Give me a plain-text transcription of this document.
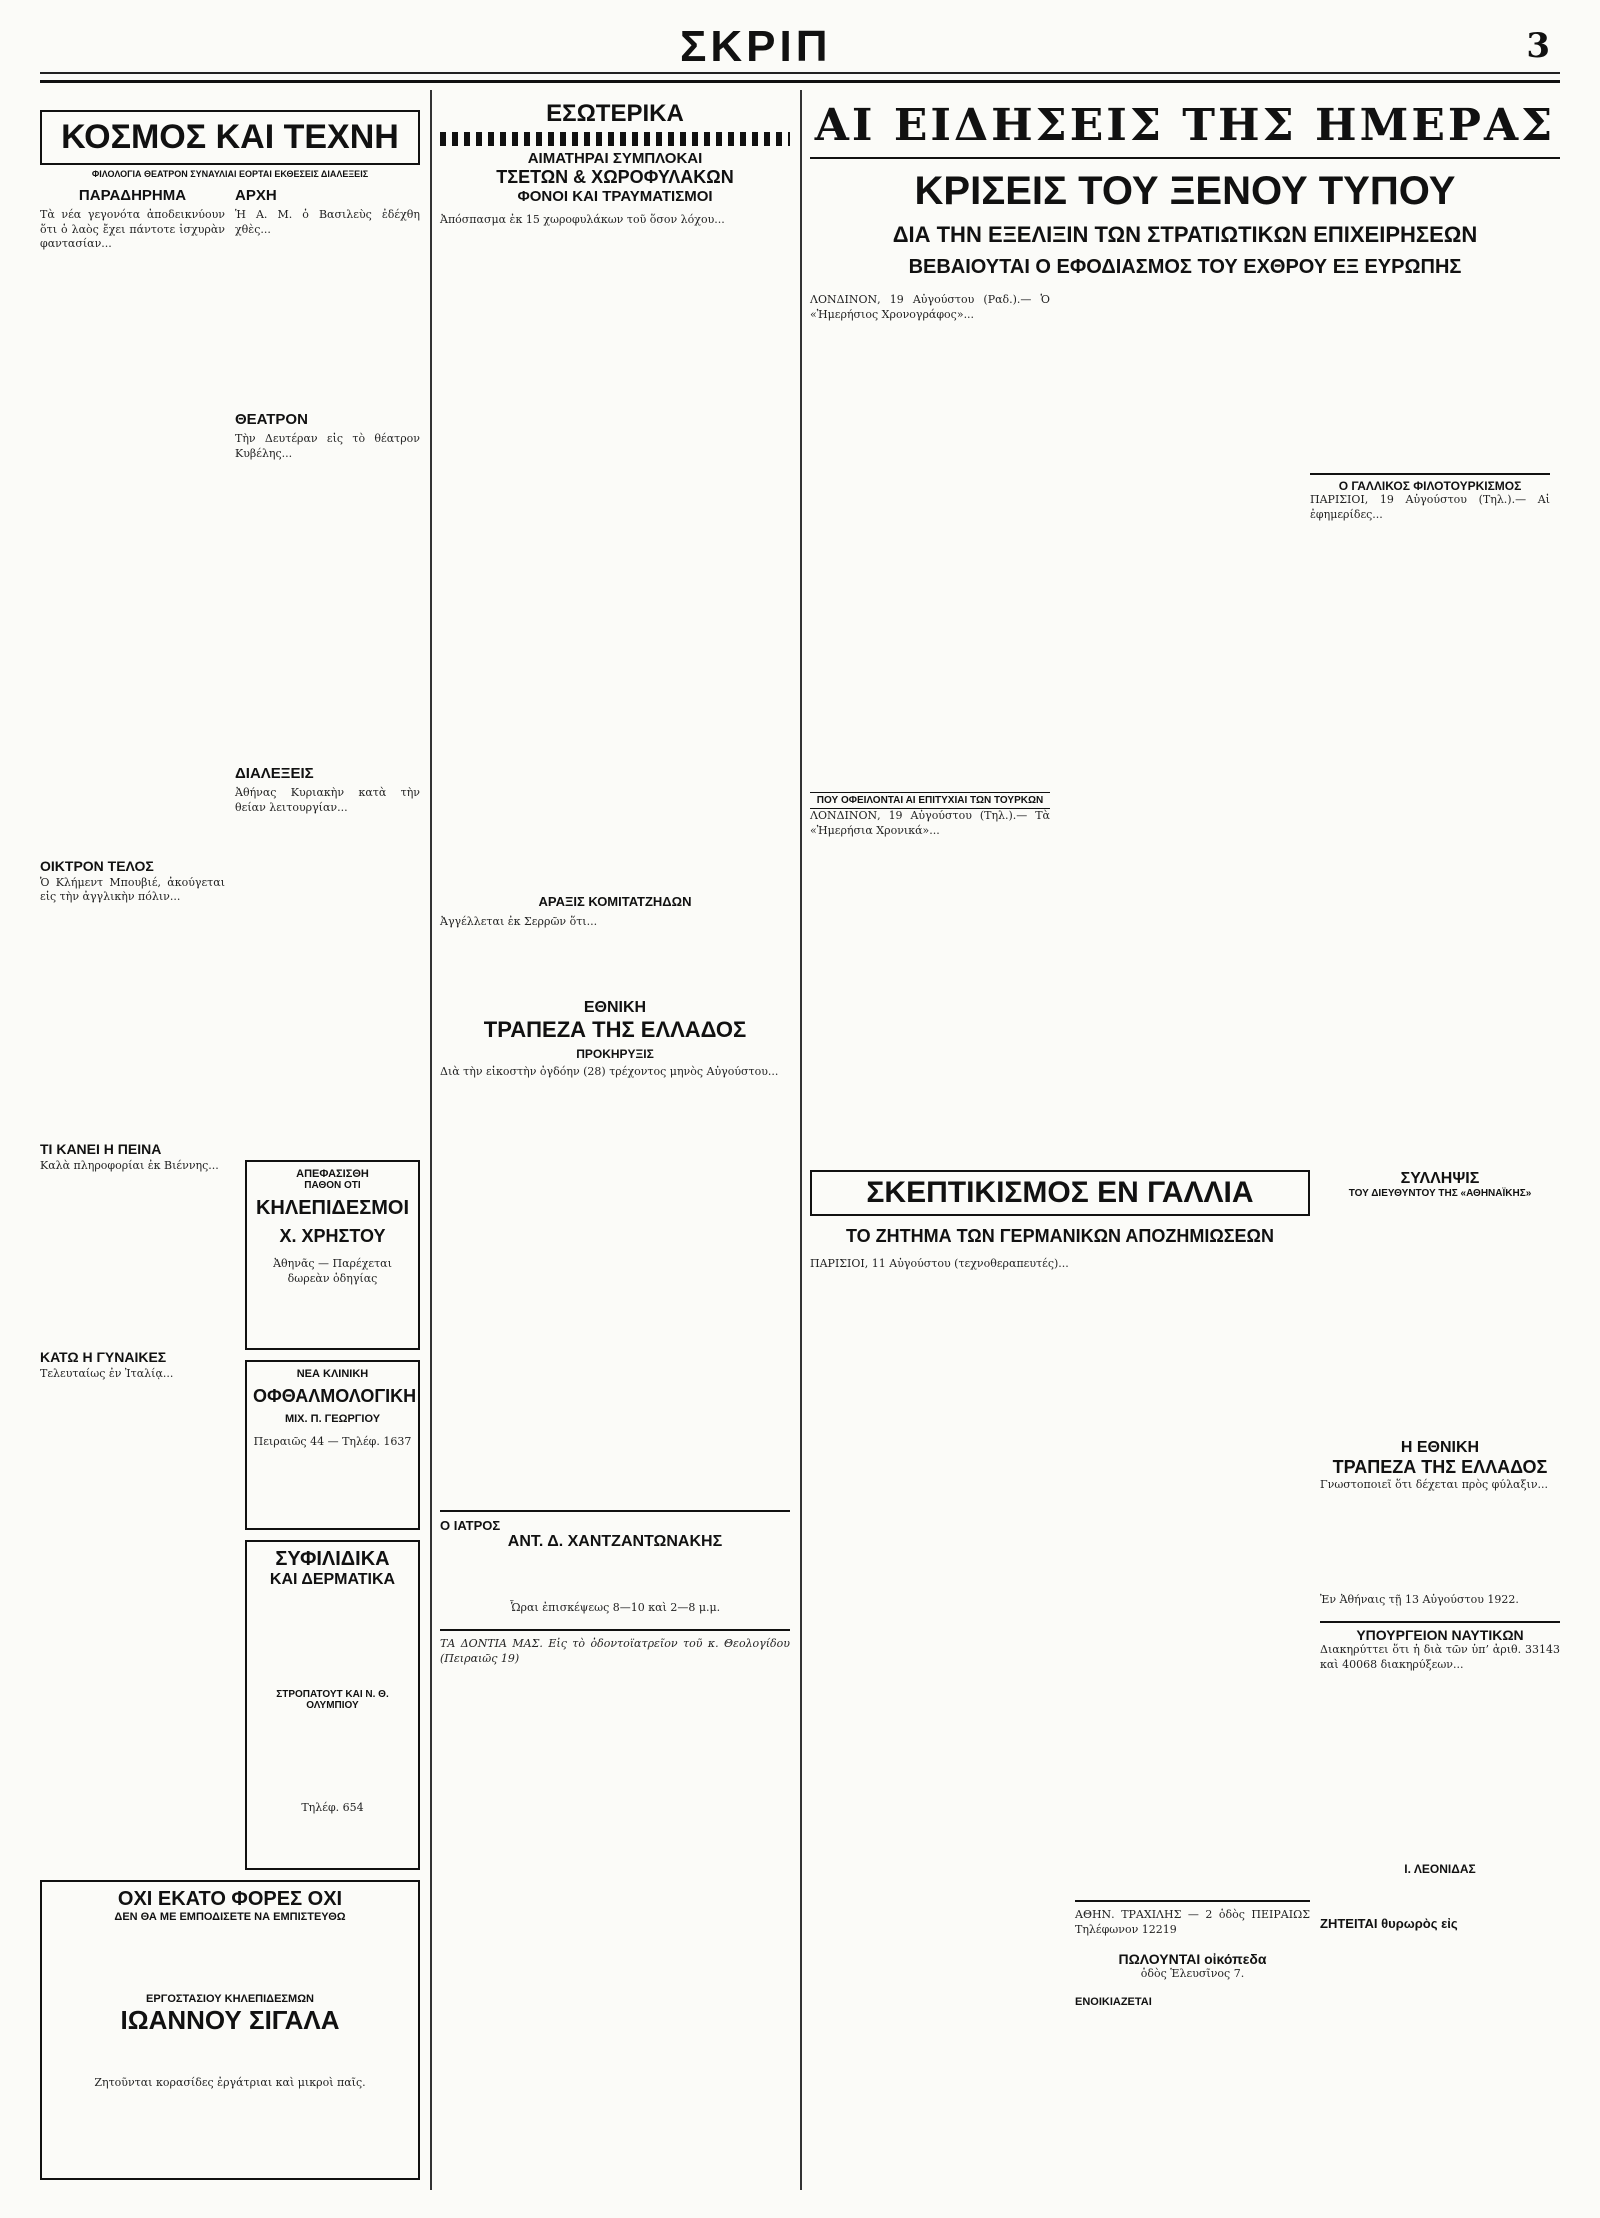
ΣΚΡΙΠ	3
ΚΟΣΜΟΣ ΚΑΙ ΤΕΧΝΗ
ΦΙΛΟΛΟΓΙΑ ΘΕΑΤΡΟΝ ΣΥΝΑΥΛΙΑΙ ΕΟΡΤΑΙ ΕΚΘΕΣΕΙΣ ΔΙΑΛΕΞΕΙΣ
ΠΑΡΑΔΗΡΗΜΑ

Τὰ νέα γεγονότα ἀποδεικνύουν ὅτι ὁ λαὸς ἔχει πάντοτε ἰσχυρὰν φαντασίαν...

ΟΙΚΤΡΟΝ ΤΕΛΟΣ

Ὁ Κλήμεντ Μπουβιέ, ἀκούγεται εἰς τὴν ἀγγλικὴν πόλιν...

ΤΙ ΚΑΝΕΙ Η ΠΕΙΝΑ

Καλὰ πληροφορίαι ἐκ Βιέννης...

ΚΑΤΩ Η ΓΥΝΑΙΚΕΣ

Τελευταίως ἐν Ἰταλίᾳ...

ΑΡΧΗ

Ἡ Α. Μ. ὁ Βασιλεὺς ἐδέχθη χθὲς...

ΘΕΑΤΡΟΝ

Τὴν Δευτέραν εἰς τὸ θέατρον Κυβέλης...

ΔΙΑΛΕΞΕΙΣ

Ἀθήνας Κυριακὴν κατὰ τὴν θείαν λειτουργίαν...

ΑΠΕΦΑΣΙΣΘΗ
ΠΑΘΟΝ ΟΤΙ
ΚΗΛΕΠΙΔΕΣΜΟΙ
Χ. ΧΡΗΣΤΟΥ
Ἀθηνᾶς — Παρέχεται δωρεὰν ὁδηγίας
ΝΕΑ ΚΛΙΝΙΚΗ
ΟΦΘΑΛΜΟΛΟΓΙΚΗ
ΜΙΧ. Π. ΓΕΩΡΓΙΟΥ
Πειραιῶς 44 — Τηλέφ. 1637
ΣΥΦΙΛΙΔΙΚΑ
ΚΑΙ ΔΕΡΜΑΤΙΚΑ
ΣΤΡΟΠΑΤΟΥΤ ΚΑΙ Ν. Θ. ΟΛΥΜΠΙΟΥ
Τηλέφ. 654
ΟΧΙ ΕΚΑΤΟ ΦΟΡΕΣ ΟΧΙ
ΔΕΝ ΘΑ ΜΕ ΕΜΠΟΔΙΣΕΤΕ ΝΑ ΕΜΠΙΣΤΕΥΘΩ
ΕΡΓΟΣΤΑΣΙΟΥ ΚΗΛΕΠΙΔΕΣΜΩΝ
ΙΩΑΝΝΟΥ ΣΙΓΑΛΑ
Ζητοῦνται κορασίδες ἐργάτριαι καὶ μικροὶ παῖς.
ΕΣΩΤΕΡΙΚΑ
ΑΙΜΑΤΗΡΑΙ ΣΥΜΠΛΟΚΑΙ
ΤΣΕΤΩΝ & ΧΩΡΟΦΥΛΑΚΩΝ
ΦΟΝΟΙ ΚΑΙ ΤΡΑΥΜΑΤΙΣΜΟΙ

Ἀπόσπασμα ἐκ 15 χωροφυλάκων τοῦ ὅσον λόχου...

ΑΡΑΞΙΣ ΚΟΜΙΤΑΤΖΗΔΩΝ

Ἀγγέλλεται ἐκ Σερρῶν ὅτι...

ΕΘΝΙΚΗ
ΤΡΑΠΕΖΑ ΤΗΣ ΕΛΛΑΔΟΣ
ΠΡΟΚΗΡΥΞΙΣ

Διὰ τὴν εἰκοστὴν ὀγδόην (28) τρέχοντος μηνὸς Αὐγούστου...

Ο ΙΑΤΡΟΣ
ΑΝΤ. Δ. ΧΑΝΤΖΑΝΤΩΝΑΚΗΣ

Ὧραι ἐπισκέψεως 8—10 καὶ 2—8 μ.μ.

ΤΑ ΔΟΝΤΙΑ ΜΑΣ. Εἰς τὸ ὀδοντοϊατρεῖον τοῦ κ. Θεολογίδου (Πειραιῶς 19)

ΑΙ ΕΙΔΗΣΕΙΣ ΤΗΣ ΗΜΕΡΑΣ
ΚΡΙΣΕΙΣ ΤΟΥ ΞΕΝΟΥ ΤΥΠΟΥ
ΔΙΑ ΤΗΝ ΕΞΕΛΙΞΙΝ ΤΩΝ ΣΤΡΑΤΙΩΤΙΚΩΝ ΕΠΙΧΕΙΡΗΣΕΩΝ
ΒΕΒΑΙΟΥΤΑΙ Ο ΕΦΟΔΙΑΣΜΟΣ ΤΟΥ ΕΧΘΡΟΥ ΕΞ ΕΥΡΩΠΗΣ

ΛΟΝΔΙΝΟΝ, 19 Αὐγούστου (Ραδ.).— Ὁ «Ἡμερήσιος Χρονογράφος»...

ΠΟΥ ΟΦΕΙΛΟΝΤΑΙ ΑΙ ΕΠΙΤΥΧΙΑΙ ΤΩΝ ΤΟΥΡΚΩΝ

ΛΟΝΔΙΝΟΝ, 19 Αὐγούστου (Τηλ.).— Τὰ «Ἡμερήσια Χρονικά»...

Ο ΓΑΛΛΙΚΟΣ ΦΙΛΟΤΟΥΡΚΙΣΜΟΣ

ΠΑΡΙΣΙΟΙ, 19 Αὐγούστου (Τηλ.).— Αἱ ἐφημερίδες...

ΣΚΕΠΤΙΚΙΣΜΟΣ ΕΝ ΓΑΛΛΙΑ
ΤΟ ΖΗΤΗΜΑ ΤΩΝ ΓΕΡΜΑΝΙΚΩΝ ΑΠΟΖΗΜΙΩΣΕΩΝ

ΠΑΡΙΣΙΟΙ, 11 Αὐγούστου (τεχνοθεραπευτές)...

ΑΘΗΝ. ΤΡΑΧΙΛΗΣ — 2 ὁδὸς ΠΕΙΡΑΙΩΣ Τηλέφωνον 12219

ΠΩΛΟΥΝΤΑΙ οἰκόπεδα

ὁδὸς Ἑλευσῖνος 7.

ΕΝΟΙΚΙΑΖΕΤΑΙ
ΣΥΛΛΗΨΙΣ
ΤΟΥ ΔΙΕΥΘΥΝΤΟΥ ΤΗΣ «ΑΘΗΝΑΪΚΗΣ»
Η ΕΘΝΙΚΗ
ΤΡΑΠΕΖΑ ΤΗΣ ΕΛΛΑΔΟΣ

Γνωστοποιεῖ ὅτι δέχεται πρὸς φύλαξιν...

Ἐν Ἀθήναις τῇ 13 Αὐγούστου 1922.

ΥΠΟΥΡΓΕΙΟΝ ΝΑΥΤΙΚΩΝ

Διακηρύττει ὅτι ἡ διὰ τῶν ὑπ’ ἀριθ. 33143 καὶ 40068 διακηρύξεων...

Ι. ΛΕΟΝΙΔΑΣ
ΖΗΤΕΙΤΑΙ θυρωρὸς εἰς
